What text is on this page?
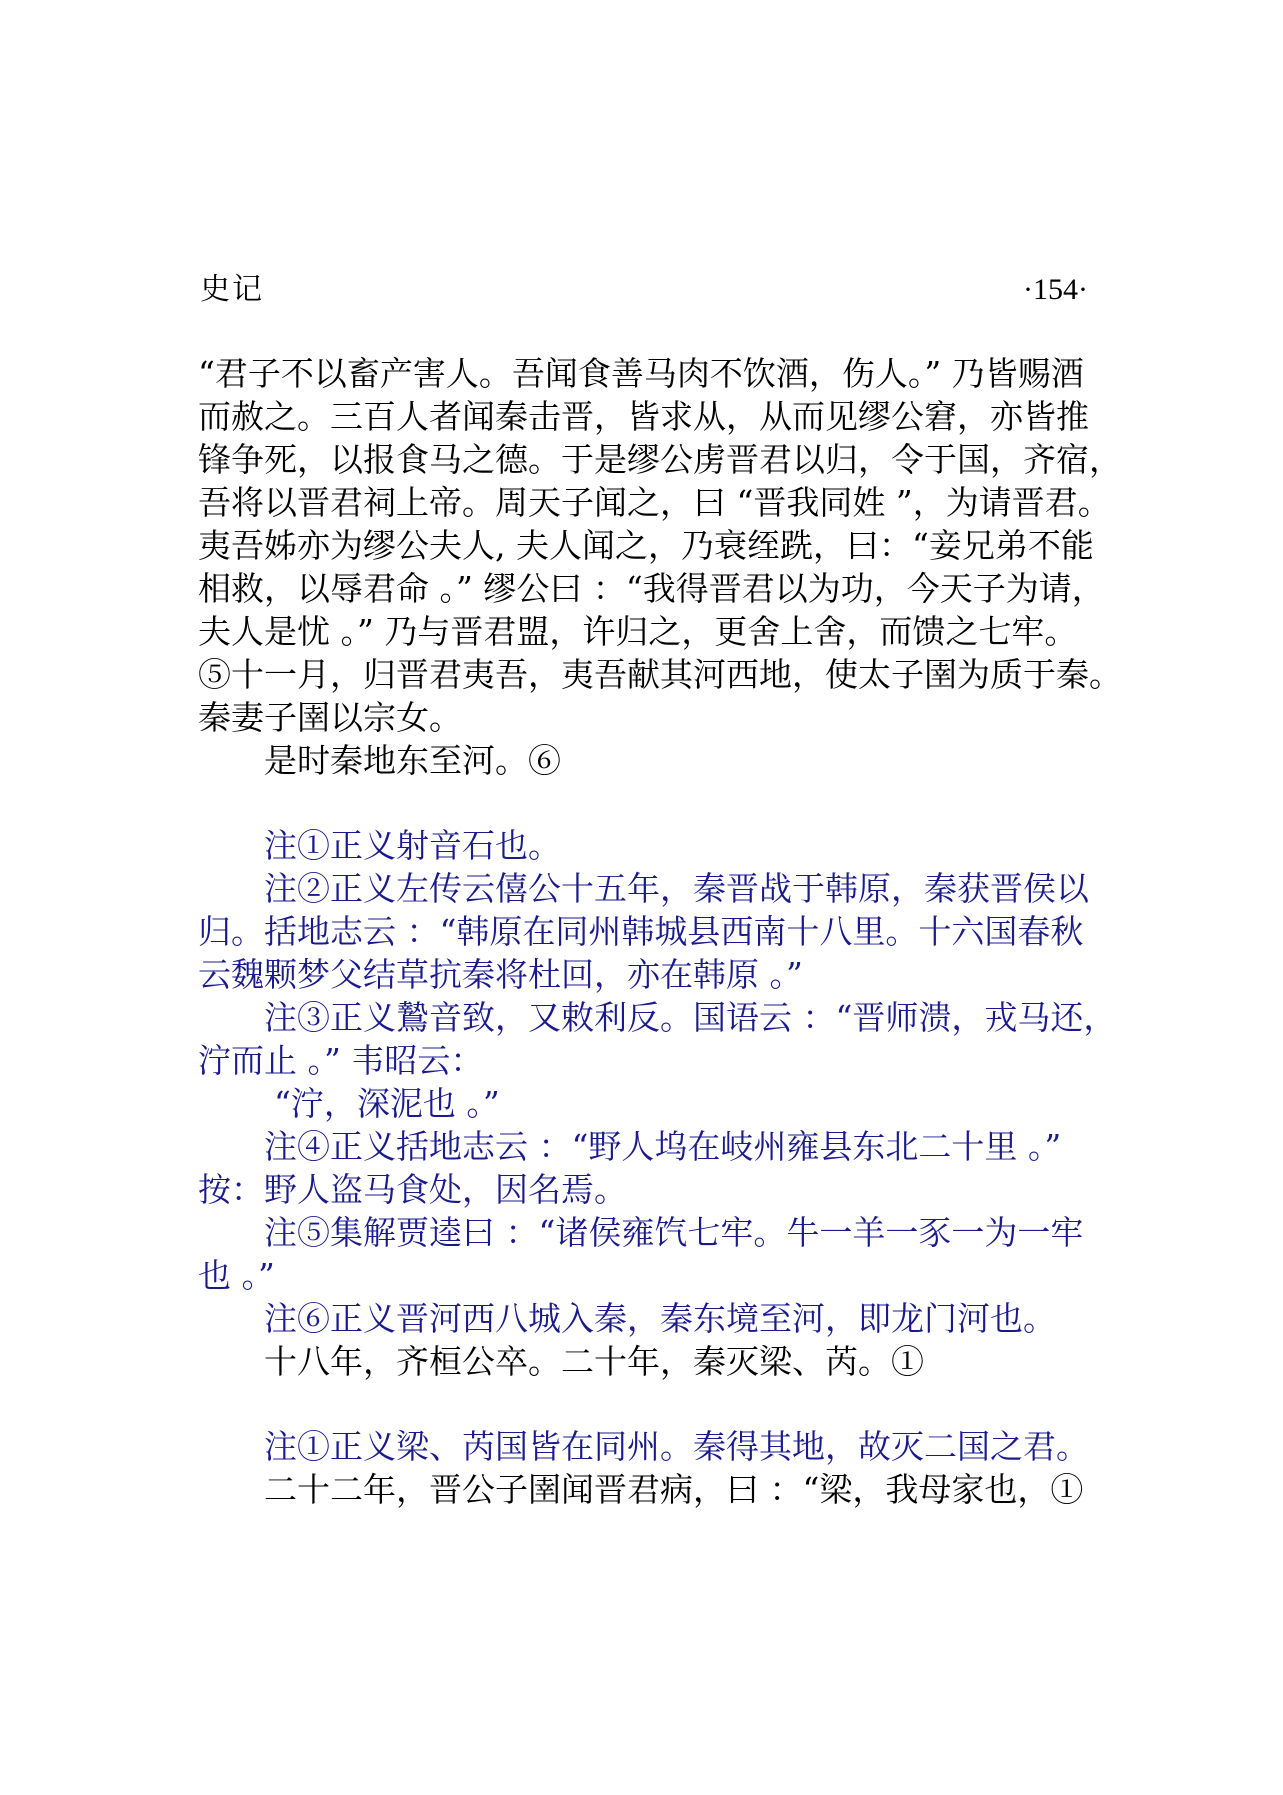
史记	·154·
“君子不以畜产害人。吾闻食善马肉不饮酒，伤人。” 乃皆赐酒
而赦之。三百人者闻秦击晋，皆求从，从而见缪公窘，亦皆推
锋争死，以报食马之德。于是缪公虏晋君以归，令于国，齐宿，
吾将以晋君祠上帝。周天子闻之，曰 “晋我同姓 ”，为请晋君。
夷吾姊亦为缪公夫人, 夫人闻之，乃衰绖跣，曰：“妾兄弟不能
相救，以辱君命 。” 缪公曰 ：“我得晋君以为功，今天子为请，
夫人是忧 。” 乃与晋君盟，许归之，更舍上舍，而馈之七牢。
⑤十一月，归晋君夷吾，夷吾献其河西地，使太子圉为质于秦。
秦妻子圉以宗女。
是时秦地东至河。⑥
注①正义射音石也。
注②正义左传云僖公十五年，秦晋战于韩原，秦获晋侯以
归。括地志云 ：“韩原在同州韩城县西南十八里。十六国春秋
云魏颗梦父结草抗秦将杜回，亦在韩原 。”
注③正义鷙音致，又敕利反。国语云 ：“晋师溃，戎马还，
泞而止 。” 韦昭云：
“泞，深泥也 。”
注④正义括地志云 ：“野人坞在岐州雍县东北二十里 。”
按：野人盗马食处，因名焉。
注⑤集解贾逵曰 ：“诸侯雍饩七牢。牛一羊一豕一为一牢
也 。”
注⑥正义晋河西八城入秦，秦东境至河，即龙门河也。
十八年，齐桓公卒。二十年，秦灭梁、芮。①
注①正义梁、芮国皆在同州。秦得其地，故灭二国之君。
二十二年，晋公子圉闻晋君病，曰 ：“梁，我母家也，①
